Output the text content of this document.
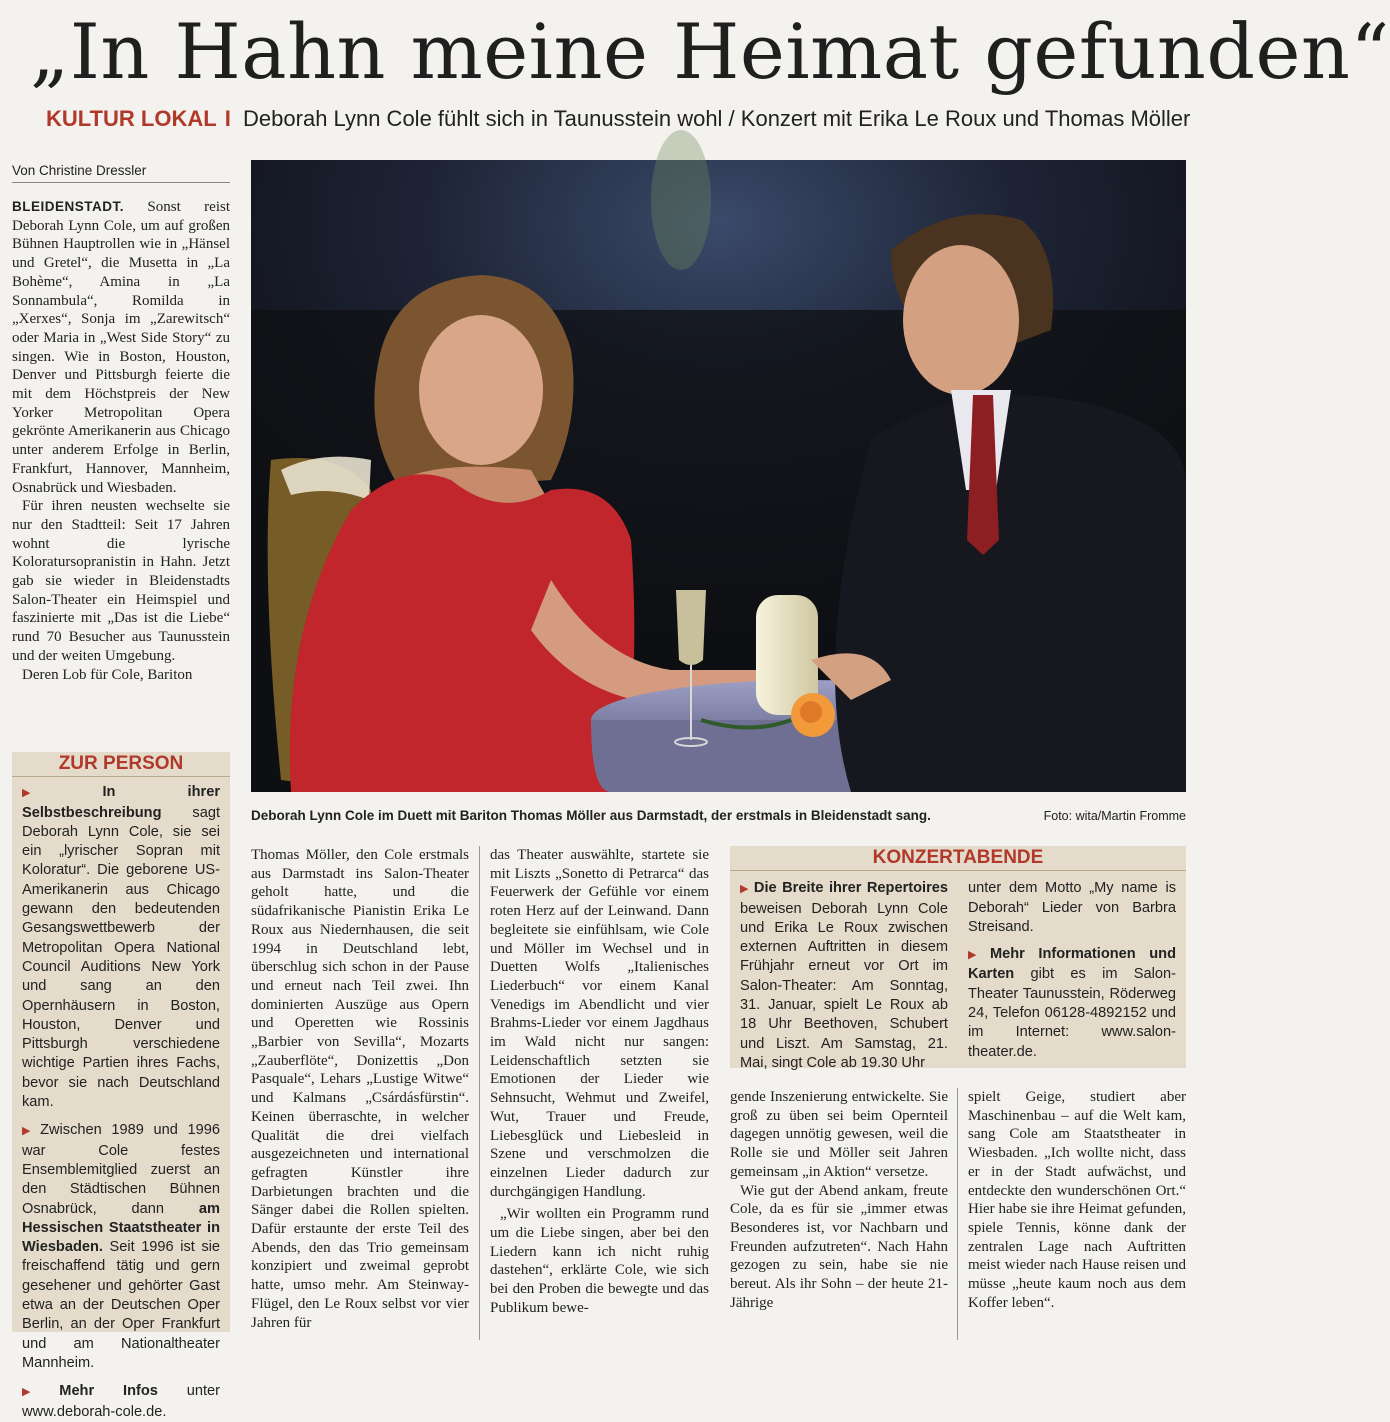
„In Hahn meine Heimat gefunden“
KULTUR LOKAL I Deborah Lynn Cole fühlt sich in Taunusstein wohl / Konzert mit Erika Le Roux und Thomas Möller
Von Christine Dressler

BLEIDENSTADT. Sonst reist Deborah Lynn Cole, um auf großen Bühnen Hauptrollen wie in „Hänsel und Gretel“, die Musetta in „La Bohème“, Amina in „La Sonnambula“, Romilda in „Xerxes“, Sonja im „Zarewitsch“ oder Maria in „West Side Story“ zu singen. Wie in Boston, Houston, Denver und Pittsburgh feierte die mit dem Höchstpreis der New Yorker Metropolitan Opera gekrönte Amerikanerin aus Chicago unter anderem Erfolge in Berlin, Frankfurt, Hannover, Mannheim, Osnabrück und Wiesbaden.

Für ihren neusten wechselte sie nur den Stadtteil: Seit 17 Jahren wohnt die lyrische Koloratursopranistin in Hahn. Jetzt gab sie wieder in Bleidenstadts Salon-Theater ein Heimspiel und faszinierte mit „Das ist die Liebe“ rund 70 Besucher aus Taunusstein und der weiten Umgebung.

Deren Lob für Cole, Bariton

Deborah Lynn Cole im Duett mit Bariton Thomas Möller aus Darmstadt, der erstmals in Bleidenstadt sang.	Foto: wita/Martin Fromme
ZUR PERSON

▶ In ihrer Selbstbeschreibung sagt Deborah Lynn Cole, sie sei ein „lyrischer Sopran mit Koloratur“. Die geborene US-Amerikanerin aus Chicago gewann den bedeutenden Gesangswettbewerb der Metropolitan Opera National Council Auditions New York und sang an den Opernhäusern in Boston, Houston, Denver und Pittsburgh verschiedene wichtige Partien ihres Fachs, bevor sie nach Deutschland kam.

▶ Zwischen 1989 und 1996 war Cole festes Ensemblemitglied zuerst an den Städtischen Bühnen Osnabrück, dann am Hessischen Staatstheater in Wiesbaden. Seit 1996 ist sie freischaffend tätig und gern gesehener und gehörter Gast etwa an der Deutschen Oper Berlin, an der Oper Frankfurt und am Nationaltheater Mannheim.

▶ Mehr Infos unter www.deborah-cole.de.

Thomas Möller, den Cole erstmals aus Darmstadt ins Salon-Theater geholt hatte, und die südafrikanische Pianistin Erika Le Roux aus Niedernhausen, die seit 1994 in Deutschland lebt, überschlug sich schon in der Pause und erneut nach Teil zwei. Ihn dominierten Auszüge aus Opern und Operetten wie Rossinis „Barbier von Sevilla“, Mozarts „Zauberflöte“, Donizettis „Don Pasquale“, Lehars „Lustige Witwe“ und Kalmans „Csárdásfürstin“. Keinen überraschte, in welcher Qualität die drei vielfach ausgezeichneten und international gefragten Künstler ihre Darbietungen brachten und die Sänger dabei die Rollen spielten. Dafür erstaunte der erste Teil des Abends, den das Trio gemeinsam konzipiert und zweimal geprobt hatte, umso mehr. Am Steinway-Flügel, den Le Roux selbst vor vier Jahren für

das Theater auswählte, startete sie mit Liszts „Sonetto di Petrarca“ das Feuerwerk der Gefühle vor einem roten Herz auf der Leinwand. Dann begleitete sie einfühlsam, wie Cole und Möller im Wechsel und in Duetten Wolfs „Italienisches Liederbuch“ vor einem Kanal Venedigs im Abendlicht und vier Brahms-Lieder vor einem Jagdhaus im Wald nicht nur sangen: Leidenschaftlich setzten sie Emotionen der Lieder wie Sehnsucht, Wehmut und Zweifel, Wut, Trauer und Freude, Liebesglück und Liebesleid in Szene und verschmolzen die einzelnen Lieder dadurch zur durchgängigen Handlung.

„Wir wollten ein Programm rund um die Liebe singen, aber bei den Liedern kann ich nicht ruhig dastehen“, erklärte Cole, wie sich bei den Proben die bewegte und das Publikum bewe-

KONZERTABENDE

▶ Die Breite ihrer Repertoires beweisen Deborah Lynn Cole und Erika Le Roux zwischen externen Auftritten in diesem Frühjahr erneut vor Ort im Salon-Theater: Am Sonntag, 31. Januar, spielt Le Roux ab 18 Uhr Beethoven, Schubert und Liszt. Am Samstag, 21. Mai, singt Cole ab 19.30 Uhr

unter dem Motto „My name is Deborah“ Lieder von Barbra Streisand.

▶ Mehr Informationen und Karten gibt es im Salon-Theater Taunusstein, Röderweg 24, Telefon 06128-4892152 und im Internet: www.salon-theater.de.

gende Inszenierung entwickelte. Sie groß zu üben sei beim Opernteil dagegen unnötig gewesen, weil die Rolle sie und Möller seit Jahren gemeinsam „in Aktion“ versetze.

Wie gut der Abend ankam, freute Cole, da es für sie „immer etwas Besonderes ist, vor Nachbarn und Freunden aufzutreten“. Nach Hahn gezogen zu sein, habe sie nie bereut. Als ihr Sohn – der heute 21-Jährige

spielt Geige, studiert aber Maschinenbau – auf die Welt kam, sang Cole am Staatstheater in Wiesbaden. „Ich wollte nicht, dass er in der Stadt aufwächst, und entdeckte den wunderschönen Ort.“ Hier habe sie ihre Heimat gefunden, spiele Tennis, könne dank der zentralen Lage nach Auftritten meist wieder nach Hause reisen und müsse „heute kaum noch aus dem Koffer leben“.
